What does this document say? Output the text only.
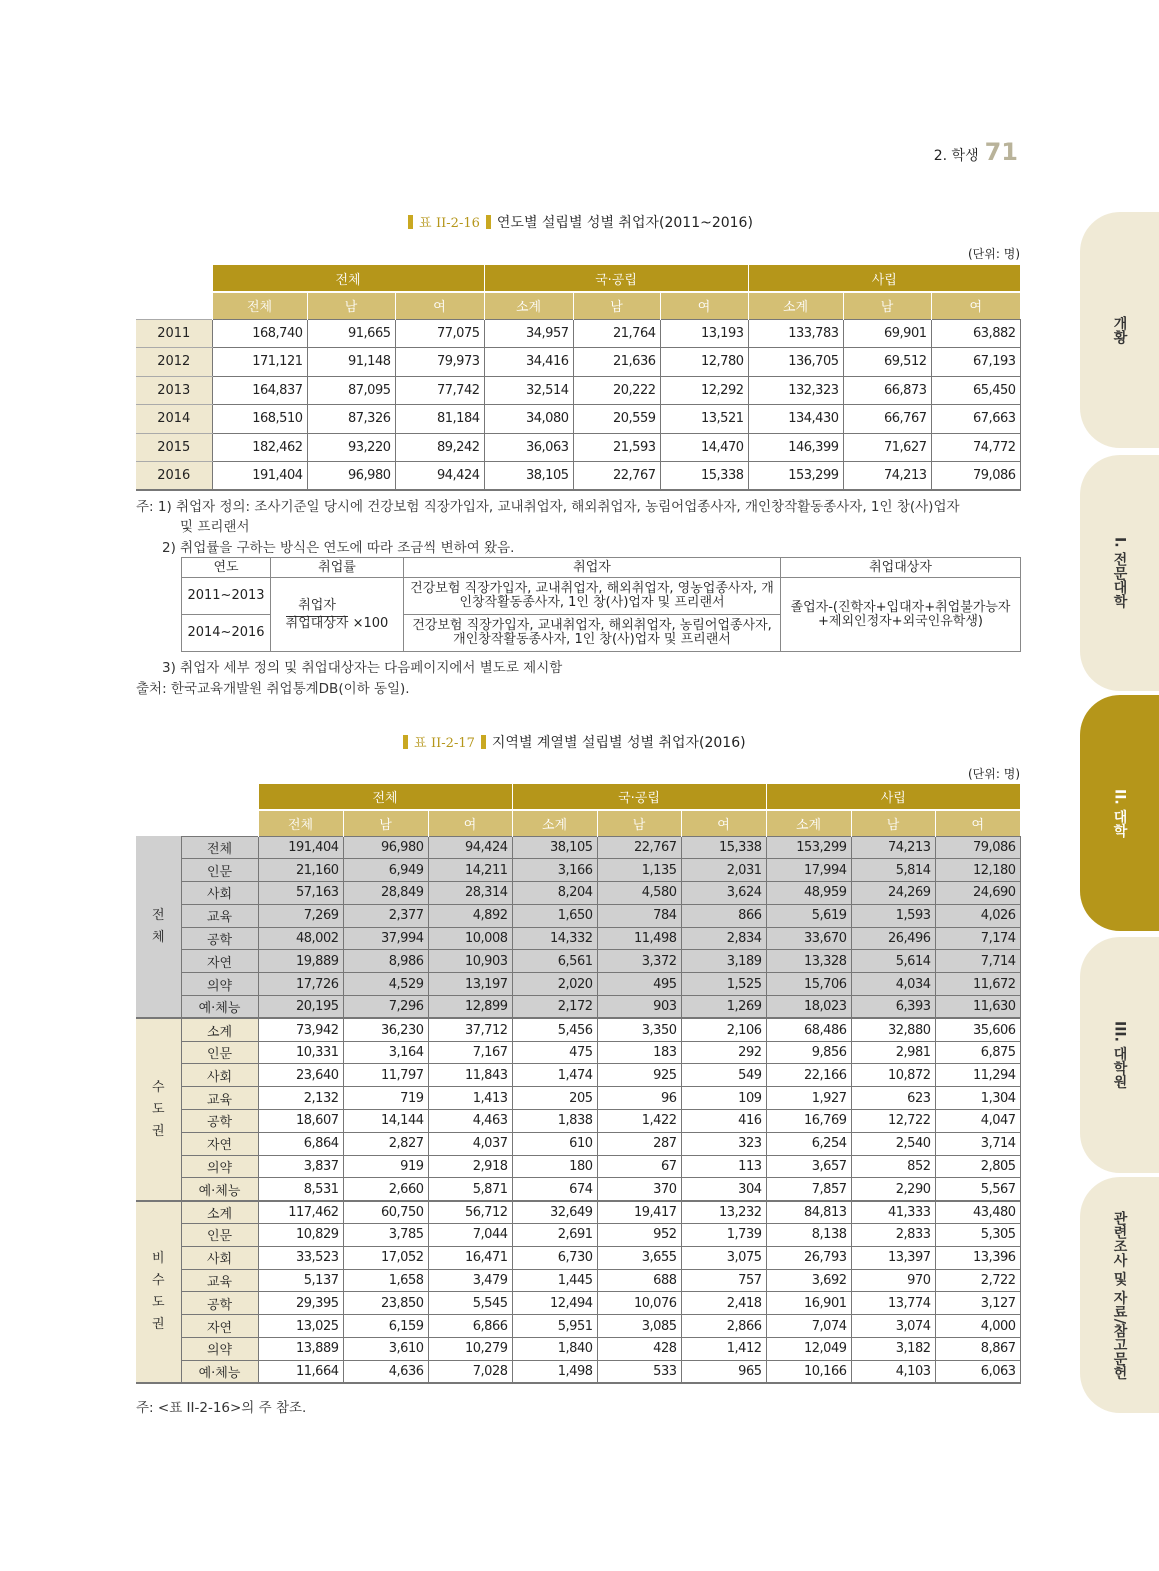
2. 학생 71
표 II-2-16 연도별 설립별 성별 취업자(2011~2016)
(단위: 명)
	전체			국·공립			사립		
	전체	남	여	소계	남	여	소계	남	여
2011	168,740	91,665	77,075	34,957	21,764	13,193	133,783	69,901	63,882
2012	171,121	91,148	79,973	34,416	21,636	12,780	136,705	69,512	67,193
2013	164,837	87,095	77,742	32,514	20,222	12,292	132,323	66,873	65,450
2014	168,510	87,326	81,184	34,080	20,559	13,521	134,430	66,767	67,663
2015	182,462	93,220	89,242	36,063	21,593	14,470	146,399	71,627	74,772
2016	191,404	96,980	94,424	38,105	22,767	15,338	153,299	74,213	79,086
주: 1) 취업자 정의: 조사기준일 당시에 건강보험 직장가입자, 교내취업자, 해외취업자, 농림어업종사자, 개인창작활동종사자, 1인 창(사)업자
및 프리랜서
2) 취업률을 구하는 방식은 연도에 따라 조금씩 변하여 왔음.
연도	취업률	취업자	취업대상자
2011~2013	$\frac{\text{취업자}}{\text{취업대상자}} \times 100$	건강보험 직장가입자, 교내취업자, 해외취업자, 영농업종사자, 개인창작활동종사자, 1인 창(사)업자 및 프리랜서	졸업자-(진학자+입대자+취업불가능자+제외인정자+외국인유학생)
2014~2016		건강보험 직장가입자, 교내취업자, 해외취업자, 농림어업종사자, 개인창작활동종사자, 1인 창(사)업자 및 프리랜서	
3) 취업자 세부 정의 및 취업대상자는 다음페이지에서 별도로 제시함
출처: 한국교육개발원 취업통계DB(이하 동일).
표 II-2-17 지역별 계열별 설립별 성별 취업자(2016)
(단위: 명)
		전체			국·공립			사립		
		전체	남	여	소계	남	여	소계	남	여
전
체	전체	191,404	96,980	94,424	38,105	22,767	15,338	153,299	74,213	79,086
	인문	21,160	6,949	14,211	3,166	1,135	2,031	17,994	5,814	12,180
	사회	57,163	28,849	28,314	8,204	4,580	3,624	48,959	24,269	24,690
	교육	7,269	2,377	4,892	1,650	784	866	5,619	1,593	4,026
	공학	48,002	37,994	10,008	14,332	11,498	2,834	33,670	26,496	7,174
	자연	19,889	8,986	10,903	6,561	3,372	3,189	13,328	5,614	7,714
	의약	17,726	4,529	13,197	2,020	495	1,525	15,706	4,034	11,672
	예·체능	20,195	7,296	12,899	2,172	903	1,269	18,023	6,393	11,630
수
도
권	소계	73,942	36,230	37,712	5,456	3,350	2,106	68,486	32,880	35,606
	인문	10,331	3,164	7,167	475	183	292	9,856	2,981	6,875
	사회	23,640	11,797	11,843	1,474	925	549	22,166	10,872	11,294
	교육	2,132	719	1,413	205	96	109	1,927	623	1,304
	공학	18,607	14,144	4,463	1,838	1,422	416	16,769	12,722	4,047
	자연	6,864	2,827	4,037	610	287	323	6,254	2,540	3,714
	의약	3,837	919	2,918	180	67	113	3,657	852	2,805
	예·체능	8,531	2,660	5,871	674	370	304	7,857	2,290	5,567
비
수
도
권	소계	117,462	60,750	56,712	32,649	19,417	13,232	84,813	41,333	43,480
	인문	10,829	3,785	7,044	2,691	952	1,739	8,138	2,833	5,305
	사회	33,523	17,052	16,471	6,730	3,655	3,075	26,793	13,397	13,396
	교육	5,137	1,658	3,479	1,445	688	757	3,692	970	2,722
	공학	29,395	23,850	5,545	12,494	10,076	2,418	16,901	13,774	3,127
	자연	13,025	6,159	6,866	5,951	3,085	2,866	7,074	3,074	4,000
	의약	13,889	3,610	10,279	1,840	428	1,412	12,049	3,182	8,867
	예·체능	11,664	4,636	7,028	1,498	533	965	10,166	4,103	6,063
주: <표 II-2-16>의 주 참조.
개황
I. 전문대학
II. 대학
III. 대학원
관련조사 및 자료/참고문헌
